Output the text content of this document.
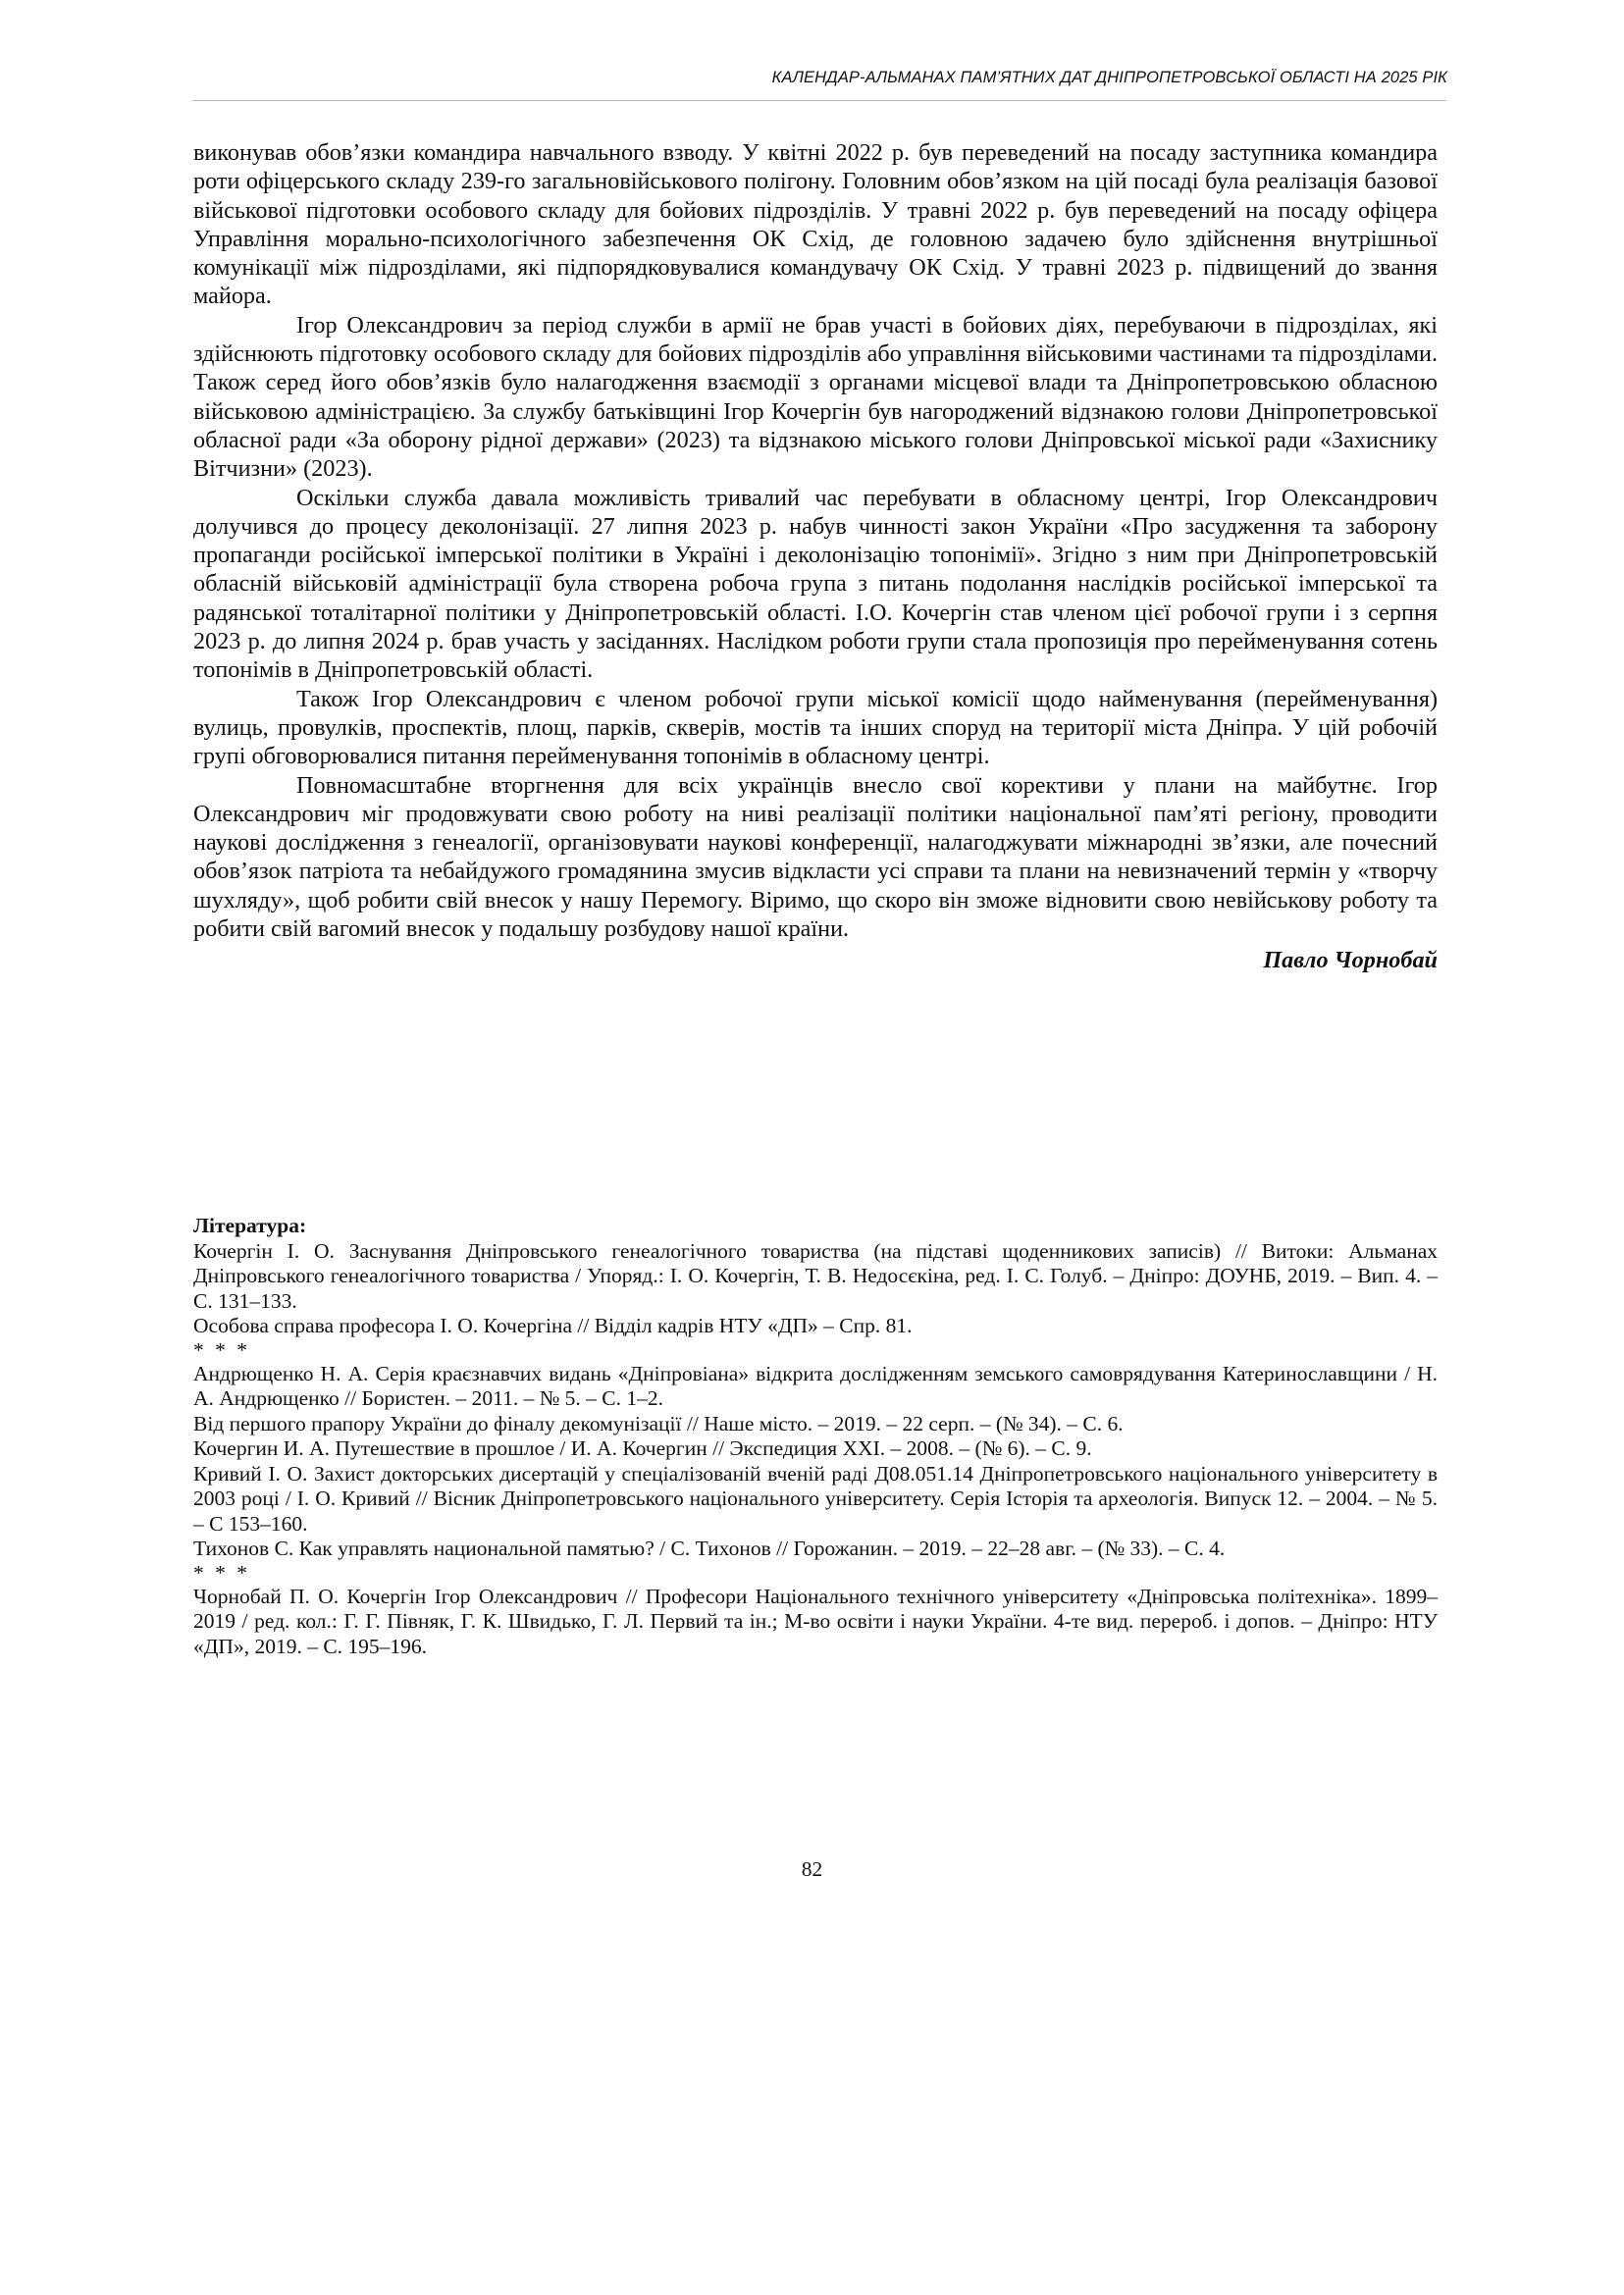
КАЛЕНДАР-АЛЬМАНАХ ПАМ’ЯТНИХ ДАТ ДНІПРОПЕТРОВСЬКОЇ ОБЛАСТІ НА 2025 РІК

виконував обов’язки командира навчального взводу. У квітні 2022 р. був переведений на посаду заступника командира роти офіцерського складу 239-го загальновійськового полігону. Головним обов’язком на цій посаді була реалізація базової військової підготовки особового складу для бойових підрозділів. У травні 2022 р. був переведений на посаду офіцера Управління морально-психологічного забезпечення ОК Схід, де головною задачею було здійснення внутрішньої комунікації між підрозділами, які підпорядковувалися командувачу ОК Схід. У травні 2023 р. підвищений до звання майора.

Ігор Олександрович за період служби в армії не брав участі в бойових діях, перебуваючи в підрозділах, які здійснюють підготовку особового складу для бойових підрозділів або управління військовими частинами та підрозділами. Також серед його обов’язків було налагодження взаємодії з органами місцевої влади та Дніпропетровською обласною військовою адміністрацією. За службу батьківщині Ігор Кочергін був нагороджений відзнакою голови Дніпропетровської обласної ради «За оборону рідної держави» (2023) та відзнакою міського голови Дніпровської міської ради «Захиснику Вітчизни» (2023).

Оскільки служба давала можливість тривалий час перебувати в обласному центрі, Ігор Олександрович долучився до процесу деколонізації. 27 липня 2023 р. набув чинності закон України «Про засудження та заборону пропаганди російської імперської політики в Україні і деколонізацію топонімії». Згідно з ним при Дніпропетровській обласній військовій адміністрації була створена робоча група з питань подолання наслідків російської імперської та радянської тоталітарної політики у Дніпропетровській області. І.О. Кочергін став членом цієї робочої групи і з серпня 2023 р. до липня 2024 р. брав участь у засіданнях. Наслідком роботи групи стала пропозиція про перейменування сотень топонімів в Дніпропетровській області.

Також Ігор Олександрович є членом робочої групи міської комісії щодо найменування (перейменування) вулиць, провулків, проспектів, площ, парків, скверів, мостів та інших споруд на території міста Дніпра. У цій робочій групі обговорювалися питання перейменування топонімів в обласному центрі.

Повномасштабне вторгнення для всіх українців внесло свої корективи у плани на майбутнє. Ігор Олександрович міг продовжувати свою роботу на ниві реалізації політики національної пам’яті регіону, проводити наукові дослідження з генеалогії, організовувати наукові конференції, налагоджувати міжнародні зв’язки, але почесний обов’язок патріота та небайдужого громадянина змусив відкласти усі справи та плани на невизначений термін у «творчу шухляду», щоб робити свій внесок у нашу Перемогу. Віримо, що скоро він зможе відновити свою невійськову роботу та робити свій вагомий внесок у подальшу розбудову нашої країни.

Павло Чорнобай

Література:

Кочергін І. О. Заснування Дніпровського генеалогічного товариства (на підставі щоденникових записів) // Витоки: Альманах Дніпровського генеалогічного товариства / Упоряд.: І. О. Кочергін, Т. В. Недосєкіна, ред. І. С. Голуб. – Дніпро: ДОУНБ, 2019. – Вип. 4. – С. 131–133.

Особова справа професора І. О. Кочергіна // Відділ кадрів НТУ «ДП» – Спр. 81.

* * *

Андрющенко Н. А. Серія краєзнавчих видань «Дніпровіана» відкрита дослідженням земського самоврядування Катеринославщини / Н. А. Андрющенко // Бористен. – 2011. – № 5. – С. 1–2.

Від першого прапору України до фіналу декомунізації // Наше місто. – 2019. – 22 серп. – (№ 34). – С. 6.

Кочергин И. А. Путешествие в прошлое / И. А. Кочергин // Экспедиция XXI. – 2008. – (№ 6). – С. 9.

Кривий І. О. Захист докторських дисертацій у спеціалізованій вченій раді Д08.051.14 Дніпропетровського національного університету в 2003 році / І. О. Кривий // Вісник Дніпропетровського національного університету. Серія Історія та археологія. Випуск 12. – 2004. – № 5. – С 153–160.

Тихонов С. Как управлять национальной памятью? / С. Тихонов // Горожанин. – 2019. – 22–28 авг. – (№ 33). – С. 4.

* * *

Чорнобай П. О. Кочергін Ігор Олександрович // Професори Національного технічного університету «Дніпровська політехніка». 1899–2019 / ред. кол.: Г. Г. Півняк, Г. К. Швидько, Г. Л. Первий та ін.; М-во освіти і науки України. 4-те вид. перероб. і допов. – Дніпро: НТУ «ДП», 2019. – С. 195–196.

82
